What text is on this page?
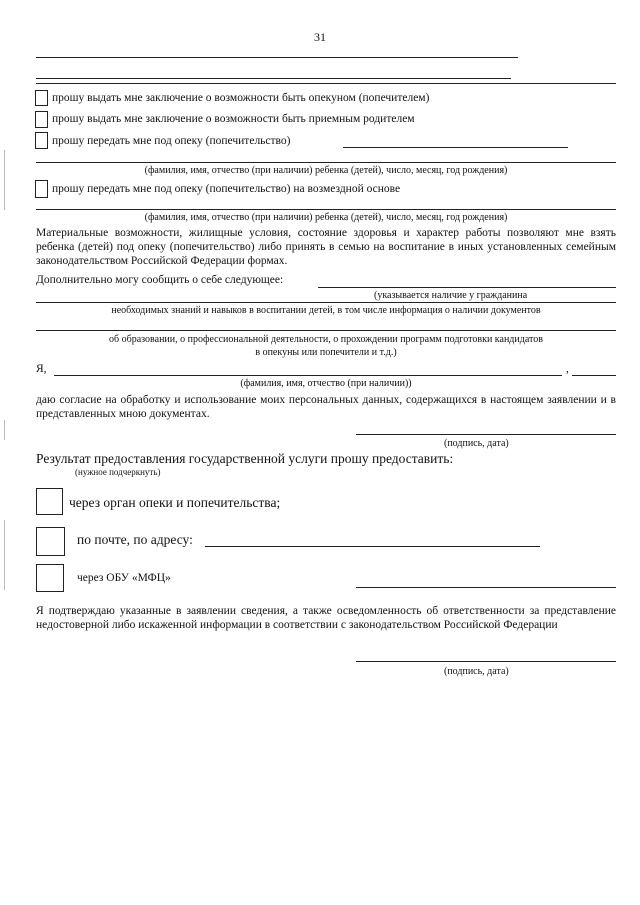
31
прошу выдать мне заключение о возможности быть опекуном (попечителем)
прошу выдать мне заключение о возможности быть приемным родителем
прошу передать мне под опеку (попечительство)
(фамилия, имя, отчество (при наличии) ребенка (детей), число, месяц, год рождения)
прошу передать мне под опеку (попечительство) на возмездной основе
(фамилия, имя, отчество (при наличии) ребенка (детей), число, месяц, год рождения)
Материальные возможности, жилищные условия, состояние здоровья и характер работы позволяют мне взять ребенка (детей) под опеку (попечительство) либо принять в семью на воспитание в иных установленных семейным законодательством Российской Федерации формах.
Дополнительно могу сообщить о себе следующее:
(указывается наличие у гражданина
необходимых знаний и навыков в воспитании детей, в том числе информация о наличии документов
об образовании, о профессиональной деятельности, о прохождении программ подготовки кандидатов
в опекуны или попечители и т.д.)
Я,	,
(фамилия, имя, отчество (при наличии))
даю согласие на обработку и использование моих персональных данных, содержащихся в настоящем заявлении и в представленных мною документах.
(подпись, дата)
Результат предоставления государственной услуги прошу предоставить:
(нужное подчеркнуть)
через орган опеки и попечительства;
по почте, по адресу:
через ОБУ «МФЦ»
Я подтверждаю указанные в заявлении сведения, а также осведомленность об ответственности за представление недостоверной либо искаженной информации в соответствии с законодательством Российской Федерации
(подпись, дата)
